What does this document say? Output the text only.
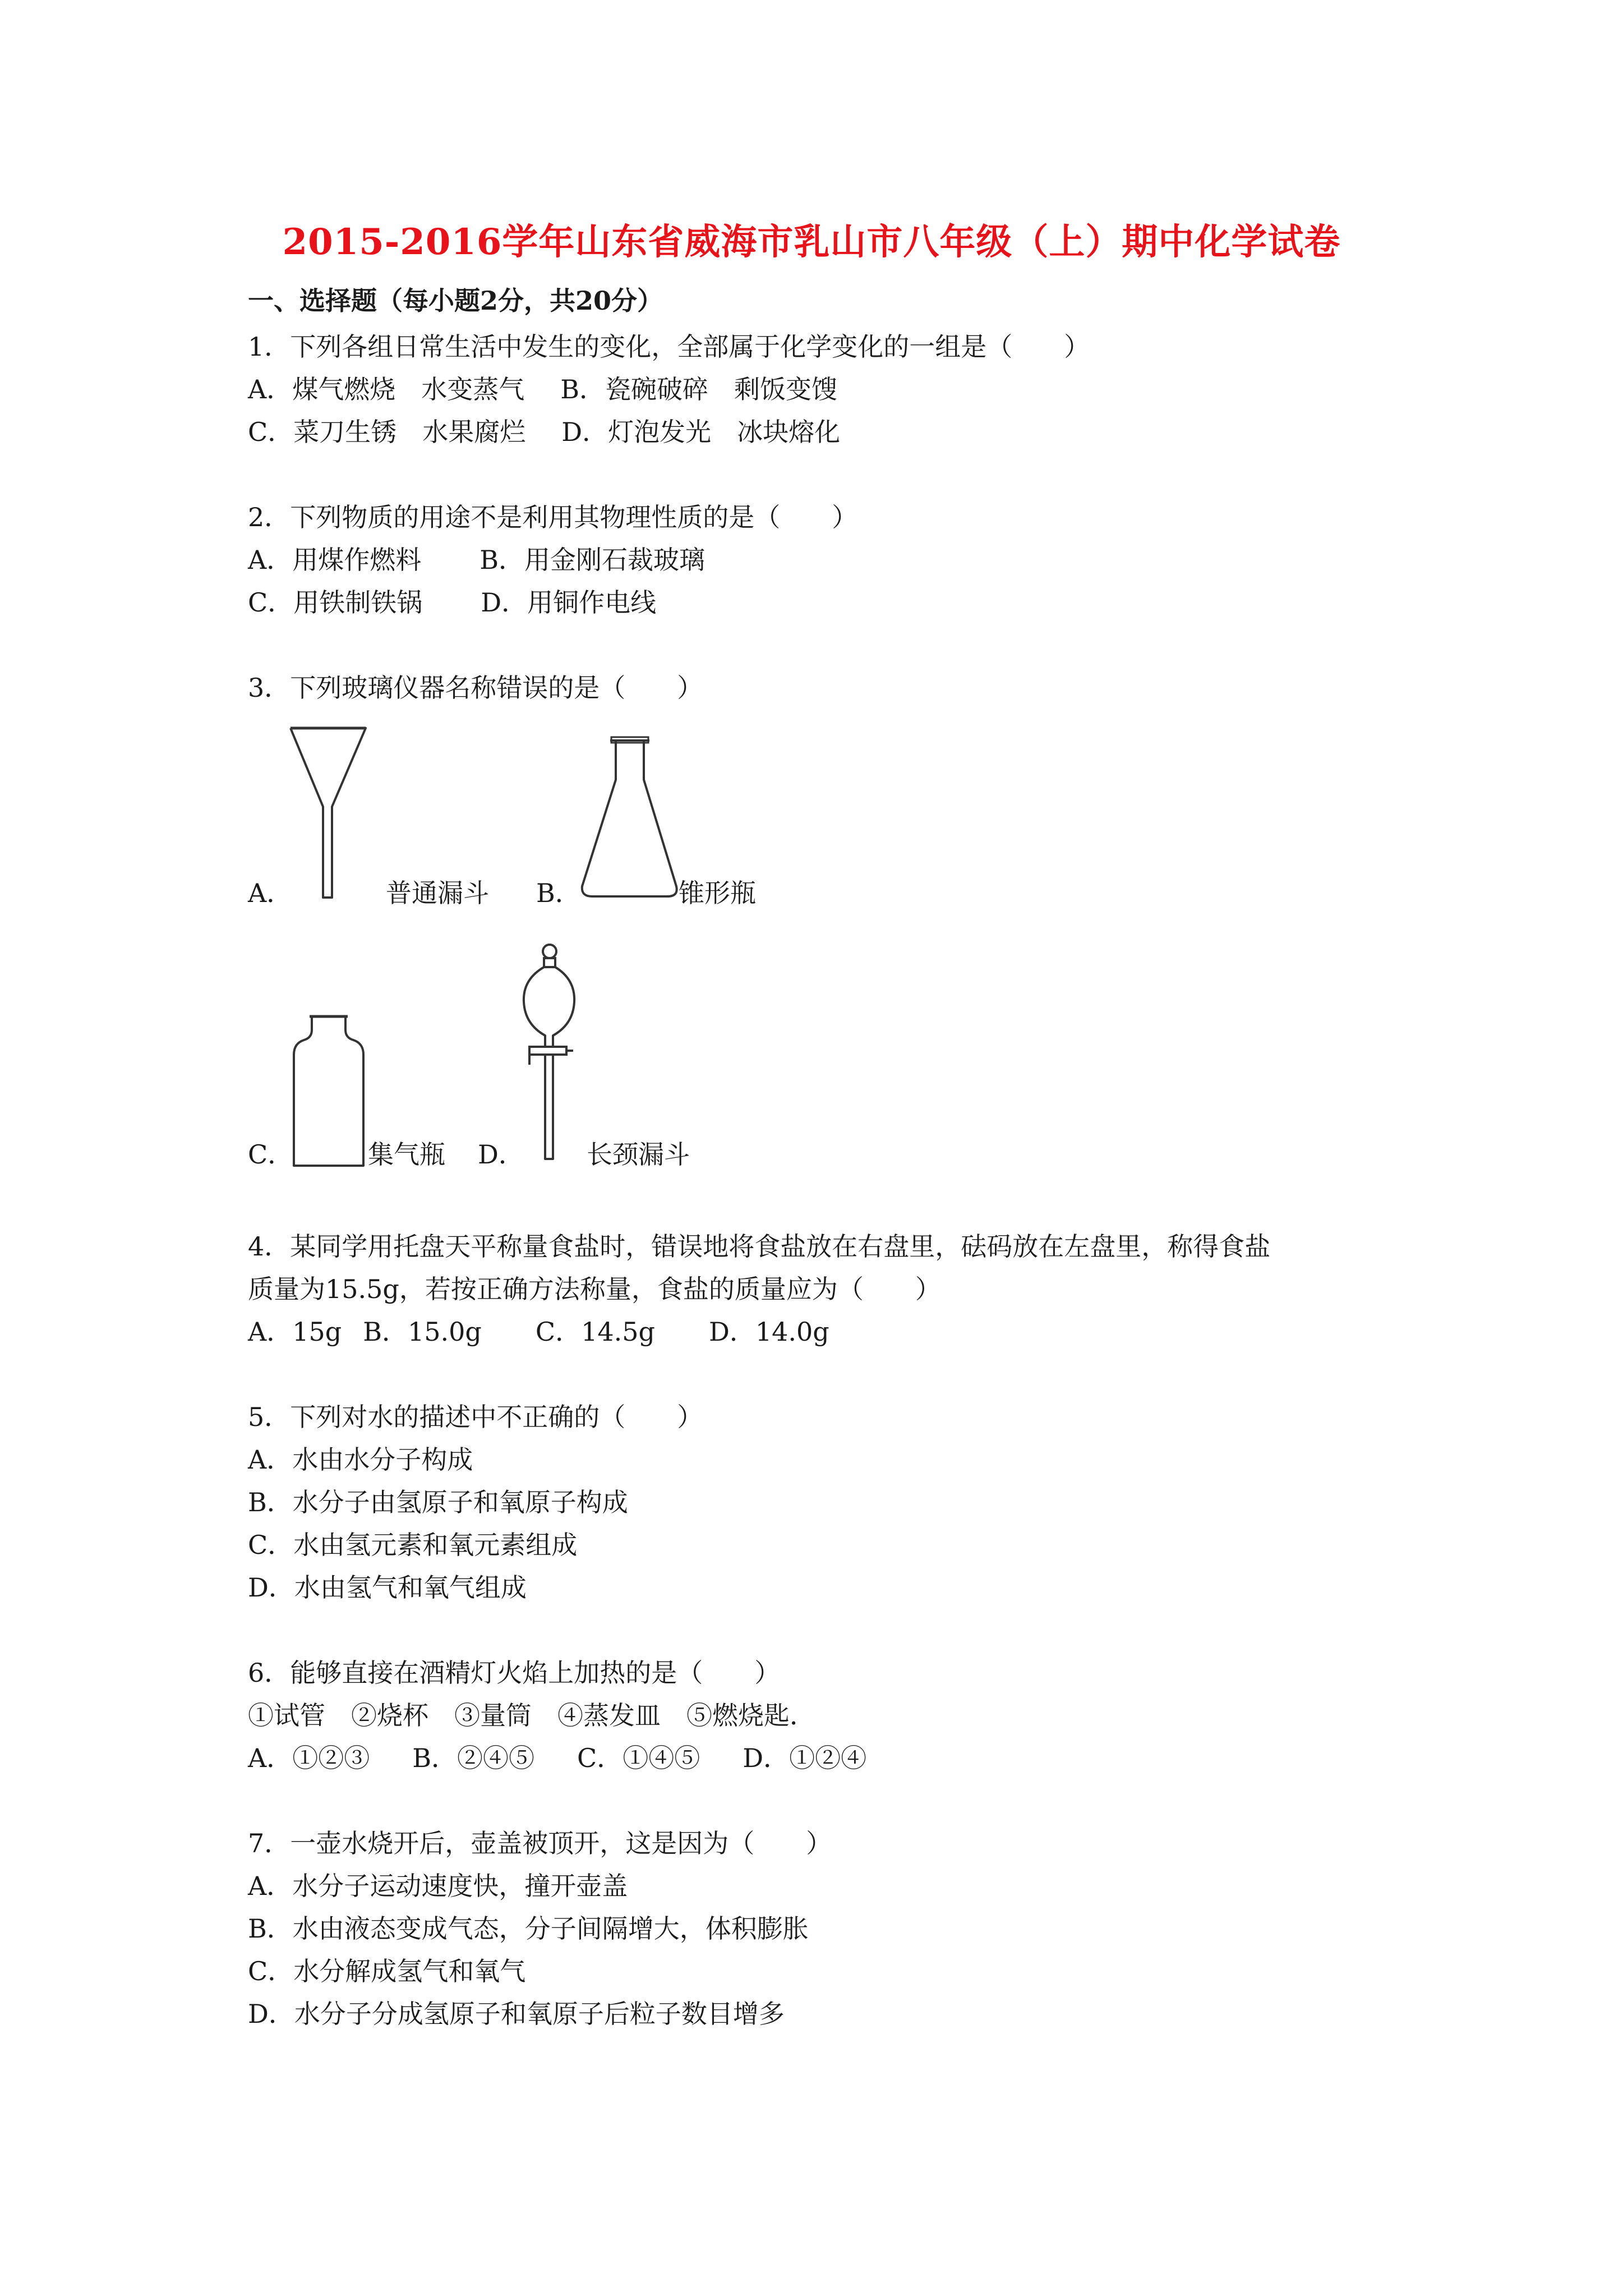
2015-2016学年山东省威海市乳山市八年级（上）期中化学试卷
一、选择题（每小题2分，共20分）
1．下列各组日常生活中发生的变化，全部属于化学变化的一组是（　　）
A．煤气燃烧　水变蒸气 B．瓷碗破碎　剩饭变馊
C．菜刀生锈　水果腐烂 D．灯泡发光　冰块熔化
2．下列物质的用途不是利用其物理性质的是（　　）
A．用煤作燃料 B．用金刚石裁玻璃
C．用铁制铁锅 D．用铜作电线
3．下列玻璃仪器名称错误的是（　　）
A．	普通漏斗 B．	锥形瓶
C．	集气瓶 D． 长颈漏斗
4．某同学用托盘天平称量食盐时，错误地将食盐放在右盘里，砝码放在左盘里，称得食盐
质量为15.5g，若按正确方法称量，食盐的质量应为（　　）
A．15g B．15.0g C．14.5g D．14.0g
5．下列对水的描述中不正确的（　　）
A．水由水分子构成
B．水分子由氢原子和氧原子构成
C．水由氢元素和氧元素组成
D．水由氢气和氧气组成
6．能够直接在酒精灯火焰上加热的是（　　）
①试管　②烧杯　③量筒　④蒸发皿　⑤燃烧匙．
A．①②③ B．②④⑤ C．①④⑤ D．①②④
7．一壶水烧开后，壶盖被顶开，这是因为（　　）
A．水分子运动速度快，撞开壶盖
B．水由液态变成气态，分子间隔增大，体积膨胀
C．水分解成氢气和氧气
D．水分子分成氢原子和氧原子后粒子数目增多
